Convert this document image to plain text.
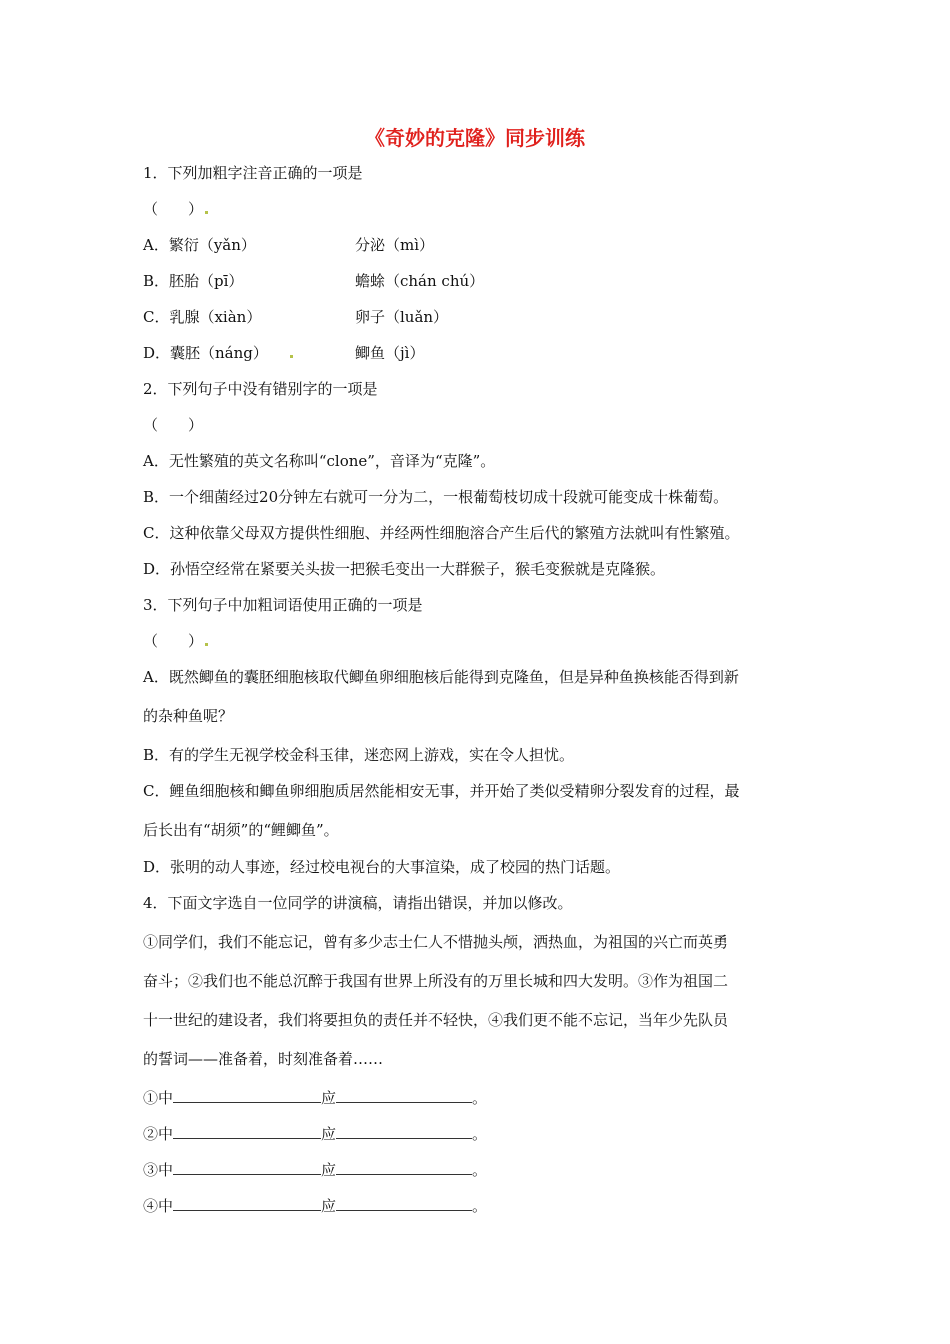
《奇妙的克隆》同步训练
1．下列加粗字注音正确的一项是
（　　）
A．繁衍（yǎn）	分泌（mì）
B．胚胎（pī）	蟾蜍（chán chú）
C．乳腺（xiàn）	卵子（luǎn）
D．囊胚（náng）	鲫鱼（jì）
2．下列句子中没有错别字的一项是
（　　）
A．无性繁殖的英文名称叫“clone”，音译为“克隆”。
B．一个细菌经过20分钟左右就可一分为二，一根葡萄枝切成十段就可能变成十株葡萄。
C．这种依靠父母双方提供性细胞、并经两性细胞溶合产生后代的繁殖方法就叫有性繁殖。
D．孙悟空经常在紧要关头拔一把猴毛变出一大群猴子，猴毛变猴就是克隆猴。
3．下列句子中加粗词语使用正确的一项是
（　　）
A．既然鲫鱼的囊胚细胞核取代鲫鱼卵细胞核后能得到克隆鱼，但是异种鱼换核能否得到新
的杂种鱼呢？
B．有的学生无视学校金科玉律，迷恋网上游戏，实在令人担忧。
C．鲤鱼细胞核和鲫鱼卵细胞质居然能相安无事，并开始了类似受精卵分裂发育的过程，最
后长出有“胡须”的“鲤鲫鱼”。
D．张明的动人事迹，经过校电视台的大事渲染，成了校园的热门话题。
4．下面文字选自一位同学的讲演稿，请指出错误，并加以修改。
①同学们，我们不能忘记，曾有多少志士仁人不惜抛头颅，洒热血，为祖国的兴亡而英勇
奋斗；②我们也不能总沉醉于我国有世界上所没有的万里长城和四大发明。③作为祖国二
十一世纪的建设者，我们将要担负的责任并不轻快，④我们更不能不忘记，当年少先队员
的誓词——准备着，时刻准备着……
①中	应	。
②中	应	。
③中	应	。
④中	应	。
